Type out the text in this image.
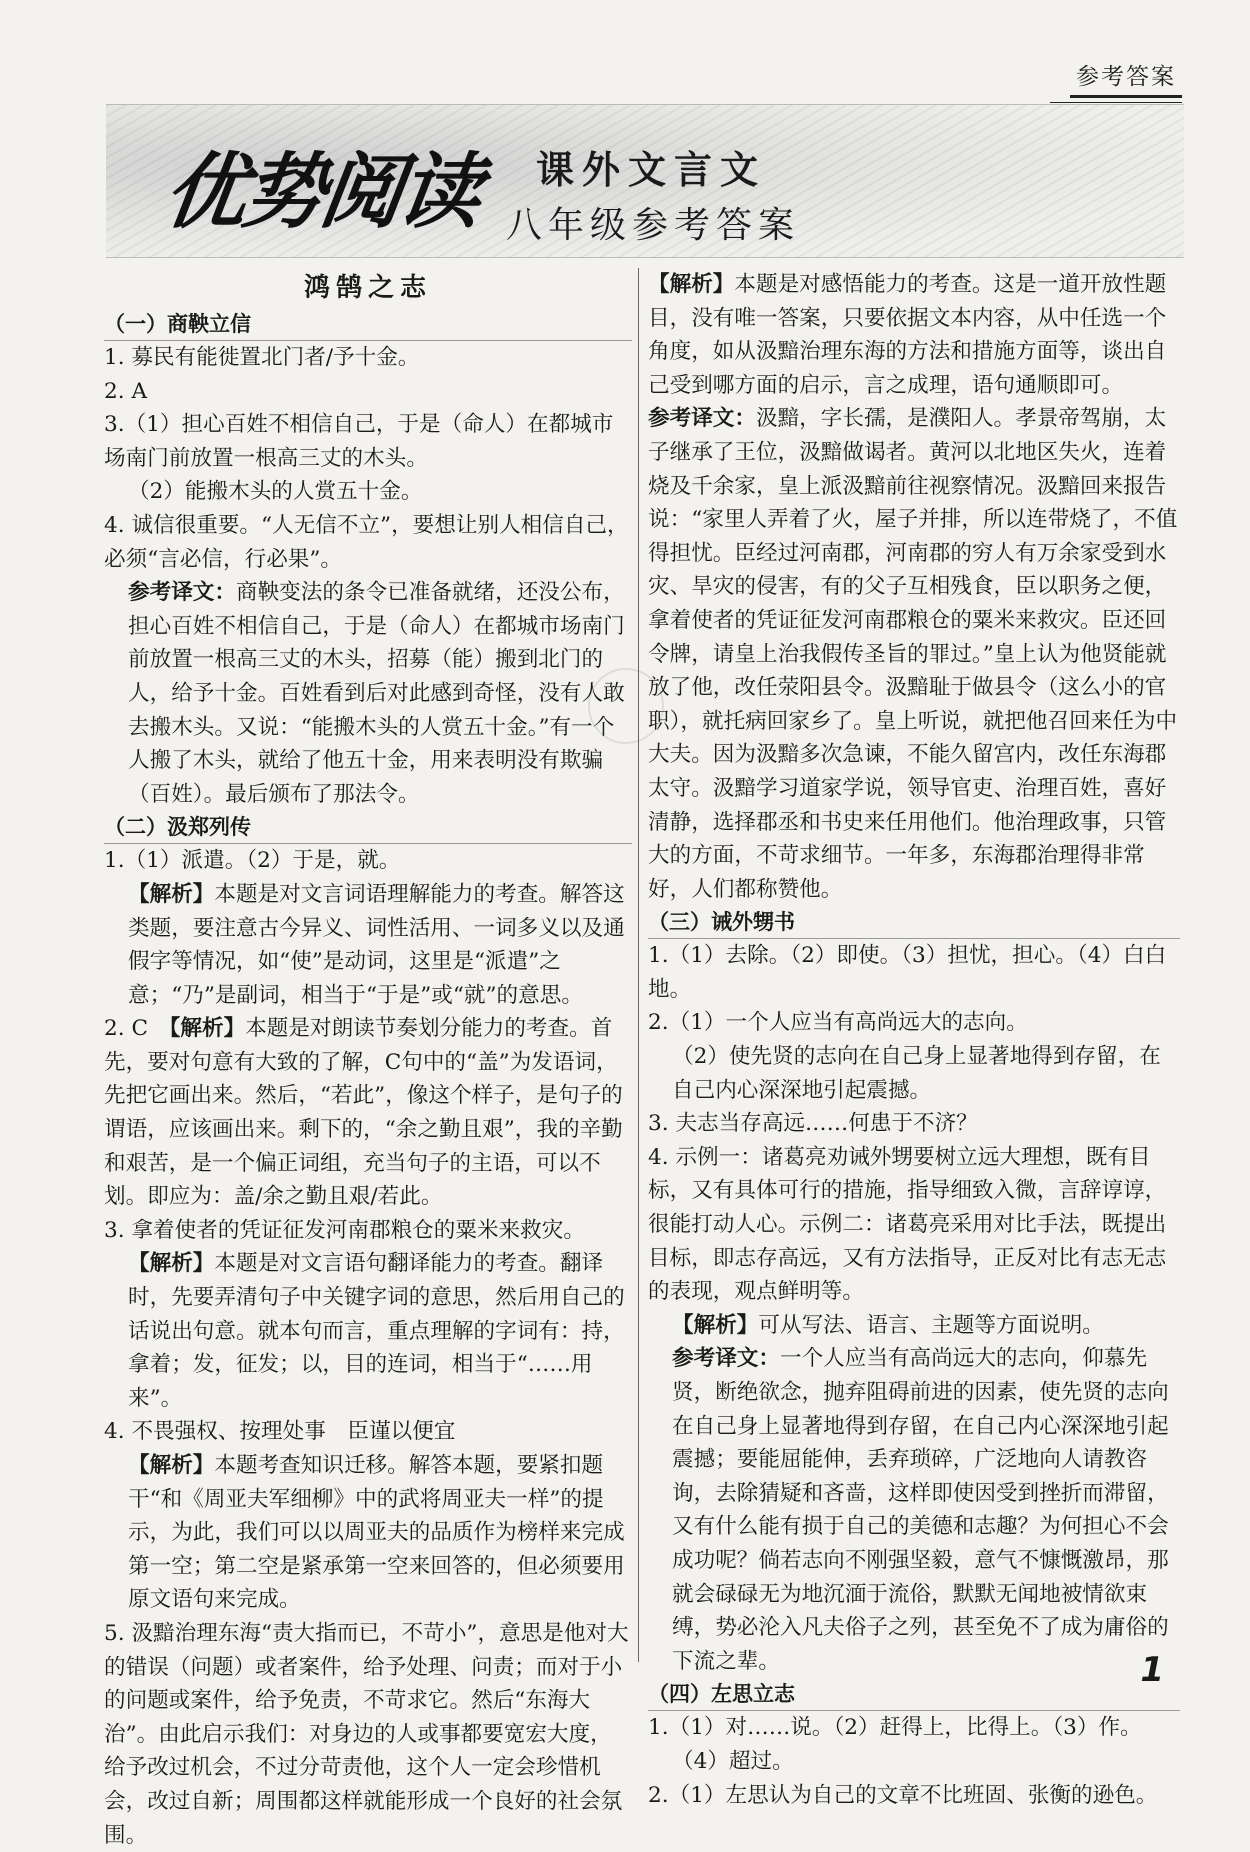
参考答案
优势阅读 课外文言文
八年级参考答案
鸿鹄之志
（一）商鞅立信
1. 募民有能徙置北门者/予十金。
2. A
3.（1）担心百姓不相信自己，于是（命人）在都城市场南门前放置一根高三丈的木头。
（2）能搬木头的人赏五十金。
4. 诚信很重要。“人无信不立”，要想让别人相信自己，必须“言必信，行必果”。
参考译文：商鞅变法的条令已准备就绪，还没公布，担心百姓不相信自己，于是（命人）在都城市场南门前放置一根高三丈的木头，招募（能）搬到北门的人，给予十金。百姓看到后对此感到奇怪，没有人敢去搬木头。又说：“能搬木头的人赏五十金。”有一个人搬了木头，就给了他五十金，用来表明没有欺骗（百姓）。最后颁布了那法令。
（二）汲郑列传
1.（1）派遣。（2）于是，就。
【解析】本题是对文言词语理解能力的考查。解答这类题，要注意古今异义、词性活用、一词多义以及通假字等情况，如“使”是动词，这里是“派遣”之意；“乃”是副词，相当于“于是”或“就”的意思。
2. C　 【解析】本题是对朗读节奏划分能力的考查。首先，要对句意有大致的了解，C句中的“盖”为发语词，先把它画出来。然后，“若此”，像这个样子，是句子的谓语，应该画出来。剩下的，“余之勤且艰”，我的辛勤和艰苦，是一个偏正词组，充当句子的主语，可以不划。即应为：盖/余之勤且艰/若此。
3. 拿着使者的凭证征发河南郡粮仓的粟米来救灾。
【解析】本题是对文言语句翻译能力的考查。翻译时，先要弄清句子中关键字词的意思，然后用自己的话说出句意。就本句而言，重点理解的字词有：持，拿着；发，征发；以，目的连词，相当于“……用来”。
4. 不畏强权、按理处事　臣谨以便宜
【解析】本题考查知识迁移。解答本题，要紧扣题干“和《周亚夫军细柳》中的武将周亚夫一样”的提示，为此，我们可以以周亚夫的品质作为榜样来完成第一空；第二空是紧承第一空来回答的，但必须要用原文语句来完成。
5. 汲黯治理东海“责大指而已，不苛小”，意思是他对大的错误（问题）或者案件，给予处理、问责；而对于小的问题或案件，给予免责，不苛求它。然后“东海大治”。由此启示我们：对身边的人或事都要宽宏大度，给予改过机会，不过分苛责他，这个人一定会珍惜机会，改过自新；周围都这样就能形成一个良好的社会氛围。
【解析】本题是对感悟能力的考查。这是一道开放性题目，没有唯一答案，只要依据文本内容，从中任选一个角度，如从汲黯治理东海的方法和措施方面等，谈出自己受到哪方面的启示，言之成理，语句通顺即可。
参考译文：汲黯，字长孺，是濮阳人。孝景帝驾崩，太子继承了王位，汲黯做谒者。黄河以北地区失火，连着烧及千余家，皇上派汲黯前往视察情况。汲黯回来报告说：“家里人弄着了火，屋子并排，所以连带烧了，不值得担忧。臣经过河南郡，河南郡的穷人有万余家受到水灾、旱灾的侵害，有的父子互相残食，臣以职务之便，拿着使者的凭证征发河南郡粮仓的粟米来救灾。臣还回令牌，请皇上治我假传圣旨的罪过。”皇上认为他贤能就放了他，改任荥阳县令。汲黯耻于做县令（这么小的官职），就托病回家乡了。皇上听说，就把他召回来任为中大夫。因为汲黯多次急谏，不能久留宫内，改任东海郡太守。汲黯学习道家学说，领导官吏、治理百姓，喜好清静，选择郡丞和书史来任用他们。他治理政事，只管大的方面，不苛求细节。一年多，东海郡治理得非常好，人们都称赞他。
（三）诫外甥书
1.（1）去除。（2）即使。（3）担忧，担心。（4）白白地。
2.（1）一个人应当有高尚远大的志向。
（2）使先贤的志向在自己身上显著地得到存留，在自己内心深深地引起震撼。
3. 夫志当存高远……何患于不济？
4. 示例一：诸葛亮劝诫外甥要树立远大理想，既有目标，又有具体可行的措施，指导细致入微，言辞谆谆，很能打动人心。示例二：诸葛亮采用对比手法，既提出目标，即志存高远，又有方法指导，正反对比有志无志的表现，观点鲜明等。
【解析】可从写法、语言、主题等方面说明。
参考译文：一个人应当有高尚远大的志向，仰慕先贤，断绝欲念，抛弃阻碍前进的因素，使先贤的志向在自己身上显著地得到存留，在自己内心深深地引起震撼；要能屈能伸，丢弃琐碎，广泛地向人请教咨询，去除猜疑和吝啬，这样即使因受到挫折而滞留，又有什么能有损于自己的美德和志趣？为何担心不会成功呢？倘若志向不刚强坚毅，意气不慷慨激昂，那就会碌碌无为地沉湎于流俗，默默无闻地被情欲束缚，势必沦入凡夫俗子之列，甚至免不了成为庸俗的下流之辈。
（四）左思立志
1.（1）对……说。（2）赶得上，比得上。（3）作。
（4）超过。
2.（1）左思认为自己的文章不比班固、张衡的逊色。
1
